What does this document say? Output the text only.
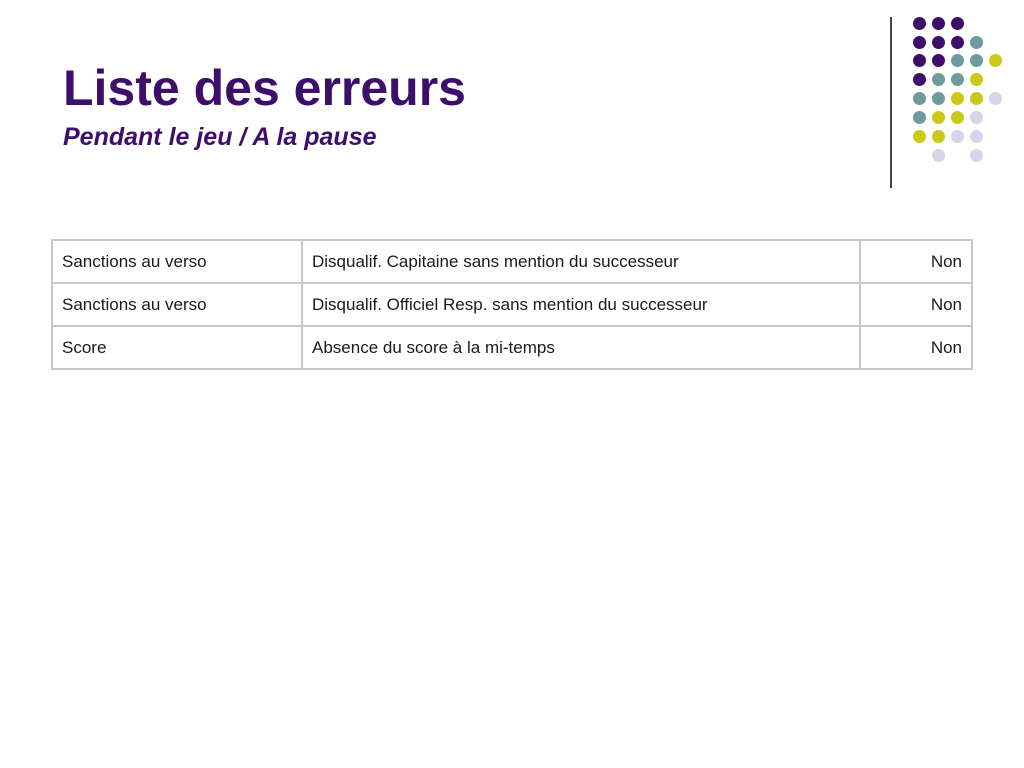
Liste des erreurs
Pendant le jeu / A la pause
Sanctions au verso	Disqualif. Capitaine sans mention du successeur	Non
Sanctions au verso	Disqualif. Officiel Resp. sans mention du successeur	Non
Score	Absence du score à la mi-temps	Non
